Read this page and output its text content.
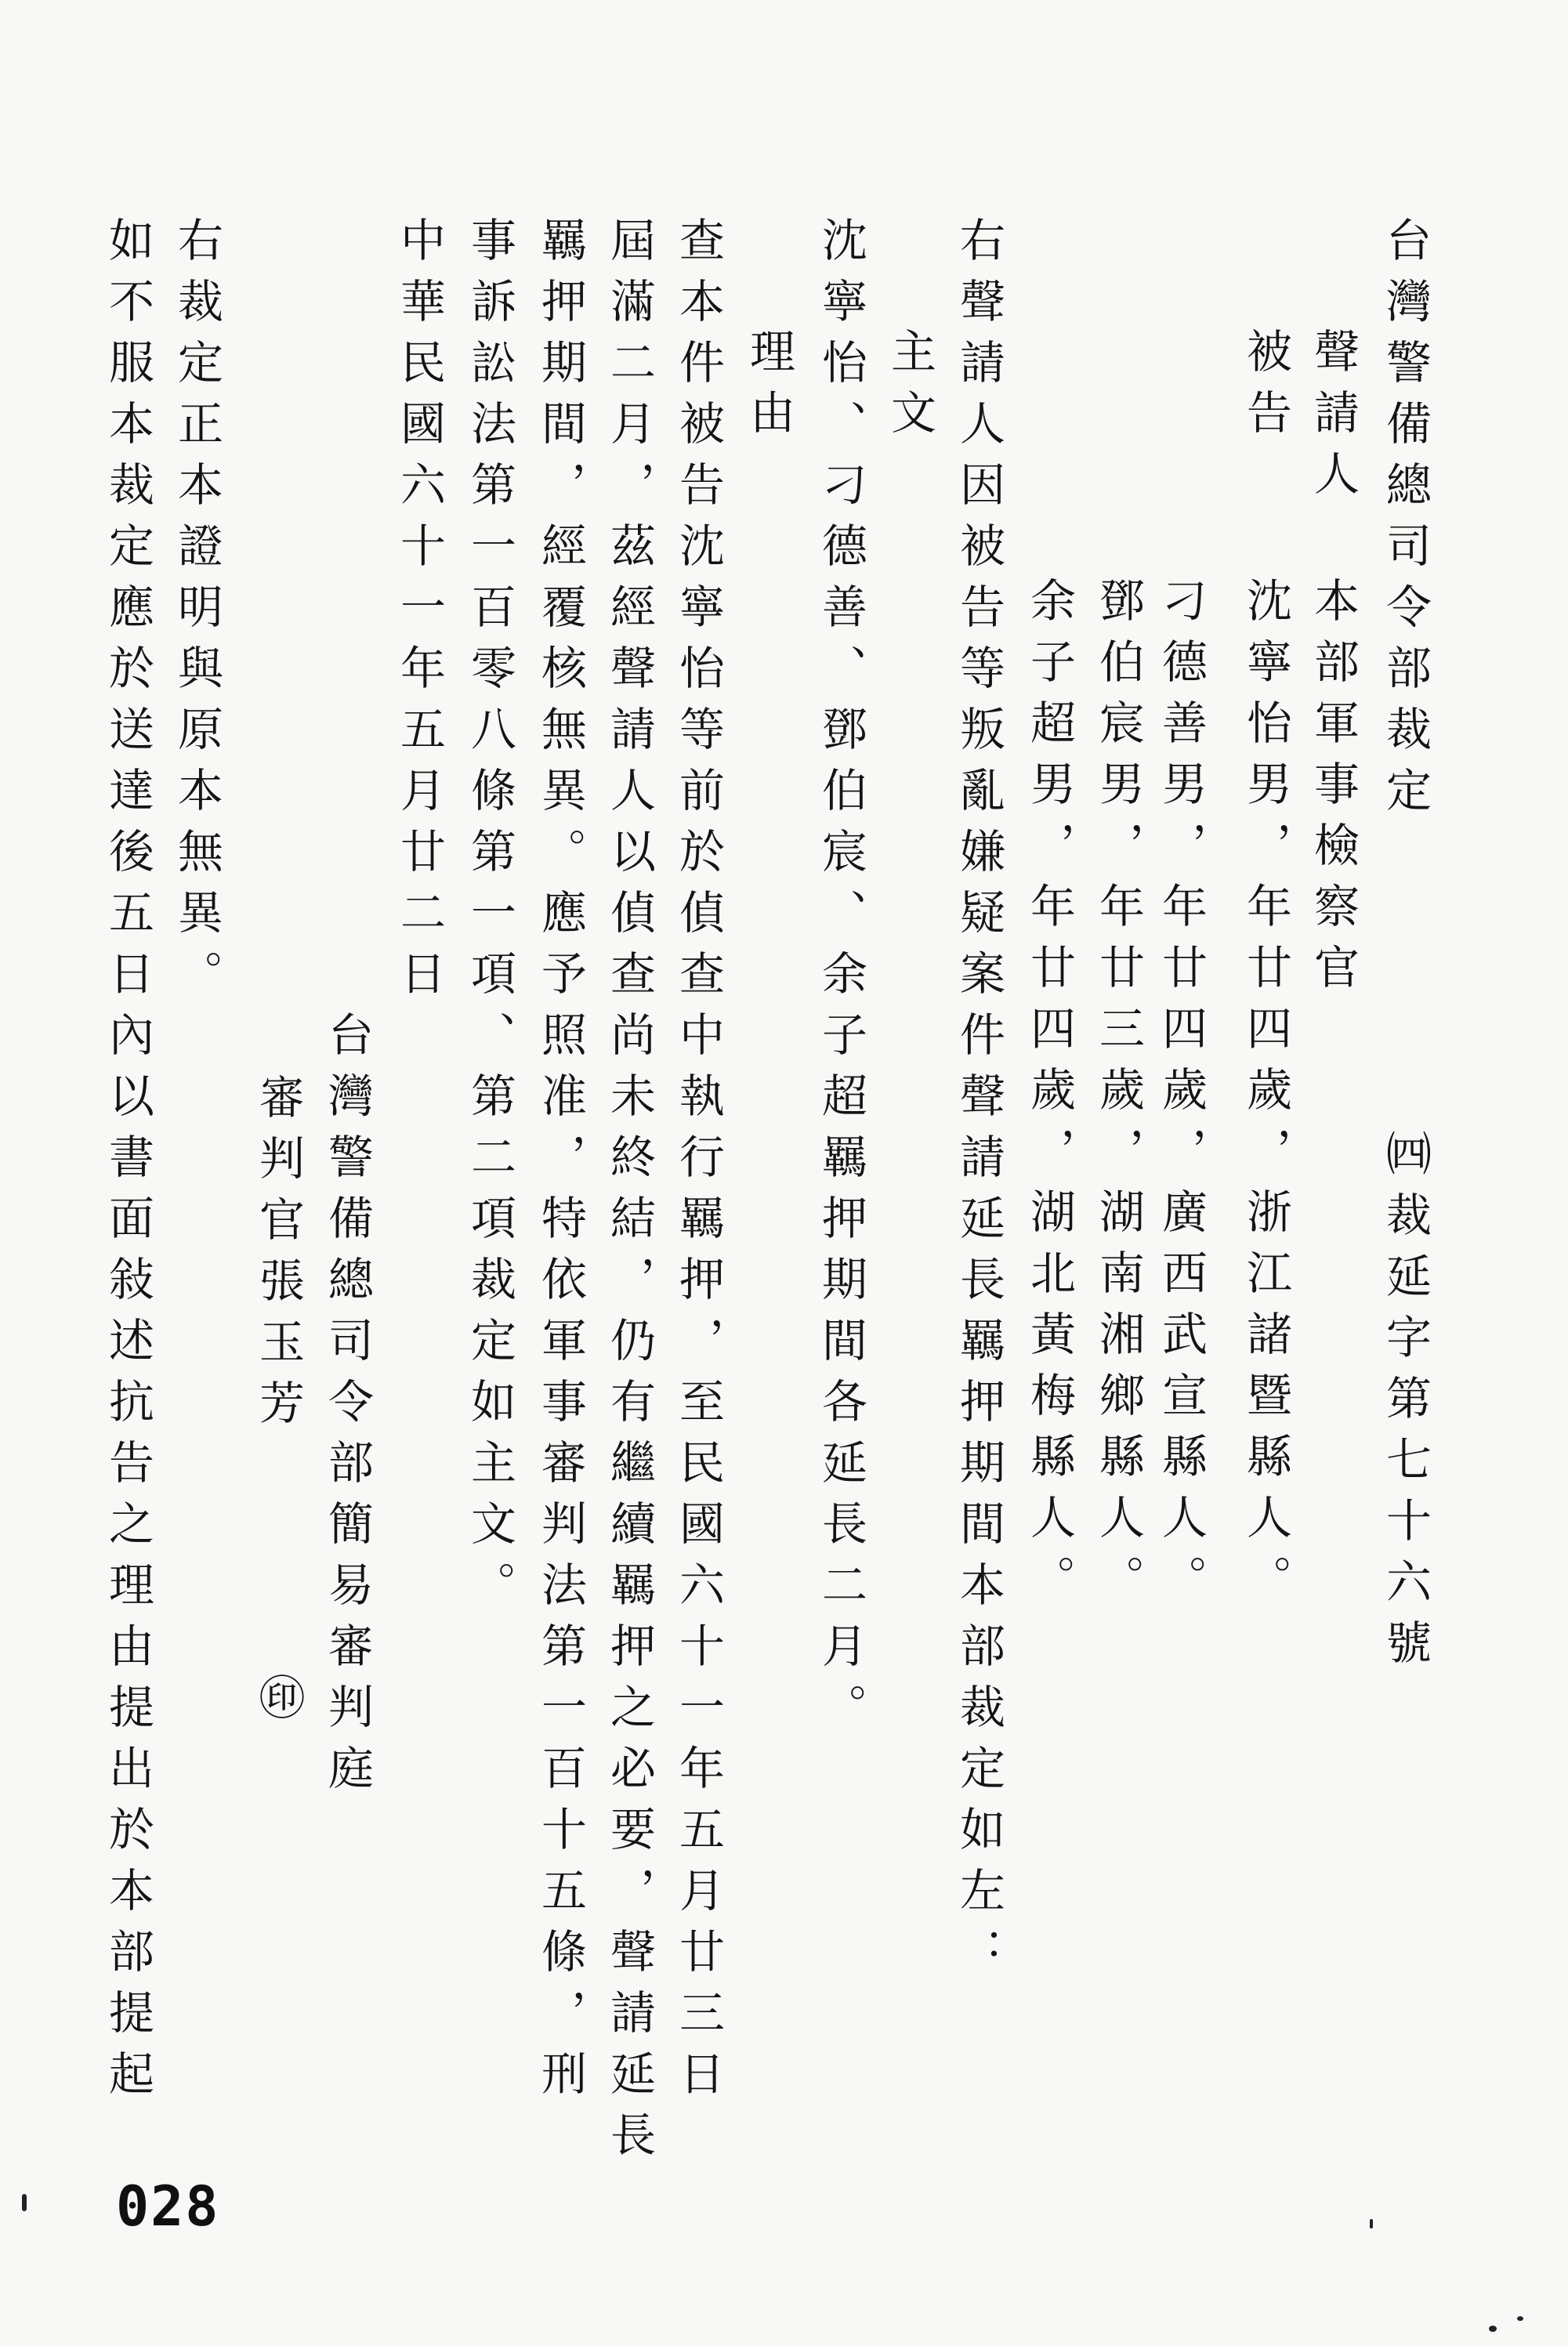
台灣警備總司令部裁定
㈣裁延字第七十六號
聲請人
本部軍事檢察官
被告
沈寧怡男，年廿四歲，浙江諸暨縣人。
刁德善男，年廿四歲，廣西武宣縣人。
鄧伯宸男，年廿三歲，湖南湘鄉縣人。
余子超男，年廿四歲，湖北黃梅縣人。
右聲請人因被告等叛亂嫌疑案件聲請延長羈押期間本部裁定如左：
主文
沈寧怡、刁德善、鄧伯宸、余子超羈押期間各延長二月。
理由
查本件被告沈寧怡等前於偵查中執行羈押，至民國六十一年五月廿三日
屆滿二月，茲經聲請人以偵查尚未終結，仍有繼續羈押之必要，聲請延長
羈押期間，經覆核無異。應予照准，特依軍事審判法第一百十五條，刑
事訴訟法第一百零八條第一項、第二項裁定如主文。
中華民國六十一年五月廿二日
台灣警備總司令部簡易審判庭
審判官張玉芳
㊞
右裁定正本證明與原本無異。
如不服本裁定應於送達後五日內以書面敍述抗告之理由提出於本部提起
028
